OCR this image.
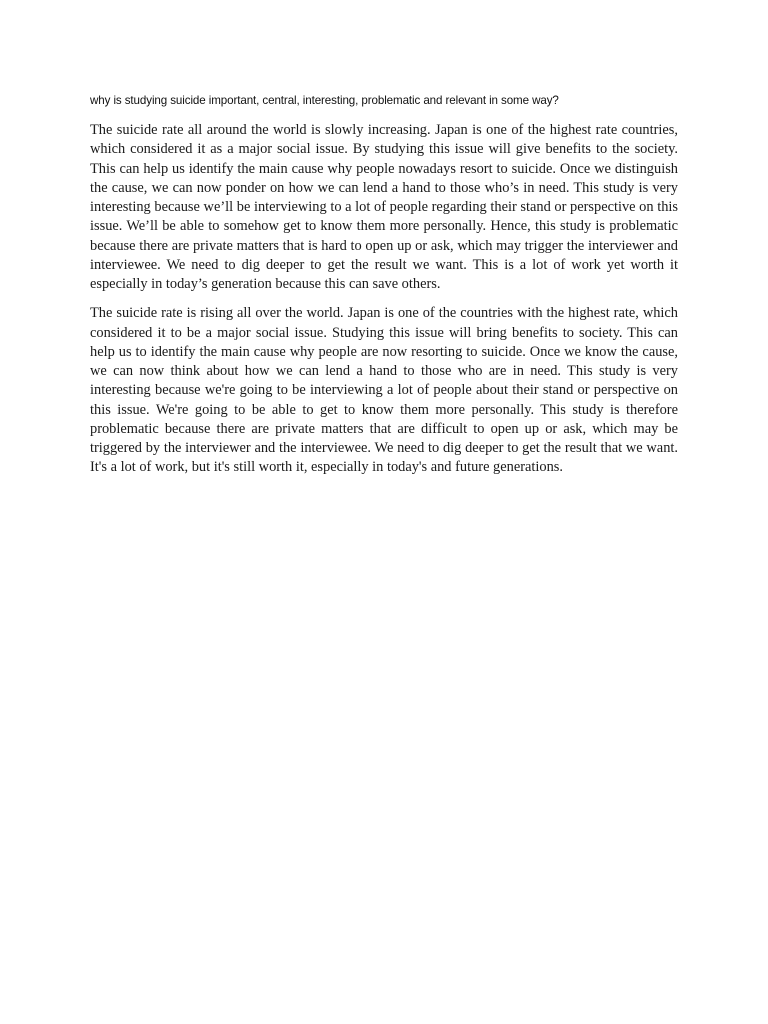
why is studying suicide important, central, interesting, problematic and relevant in some way?

The suicide rate all around the world is slowly increasing. Japan is one of the highest rate countries, which considered it as a major social issue. By studying this issue will give benefits to the society. This can help us identify the main cause why people nowadays resort to suicide. Once we distinguish the cause, we can now ponder on how we can lend a hand to those who’s in need. This study is very interesting because we’ll be interviewing to a lot of people regarding their stand or perspective on this issue. We’ll be able to somehow get to know them more personally. Hence, this study is problematic because there are private matters that is hard to open up or ask, which may trigger the interviewer and interviewee. We need to dig deeper to get the result we want. This is a lot of work yet worth it especially in today’s generation because this can save others.

The suicide rate is rising all over the world. Japan is one of the countries with the highest rate, which considered it to be a major social issue. Studying this issue will bring benefits to society. This can help us to identify the main cause why people are now resorting to suicide. Once we know the cause, we can now think about how we can lend a hand to those who are in need. This study is very interesting because we're going to be interviewing a lot of people about their stand or perspective on this issue. We're going to be able to get to know them more personally. This study is therefore problematic because there are private matters that are difficult to open up or ask, which may be triggered by the interviewer and the interviewee. We need to dig deeper to get the result that we want. It's a lot of work, but it's still worth it, especially in today's and future generations.
